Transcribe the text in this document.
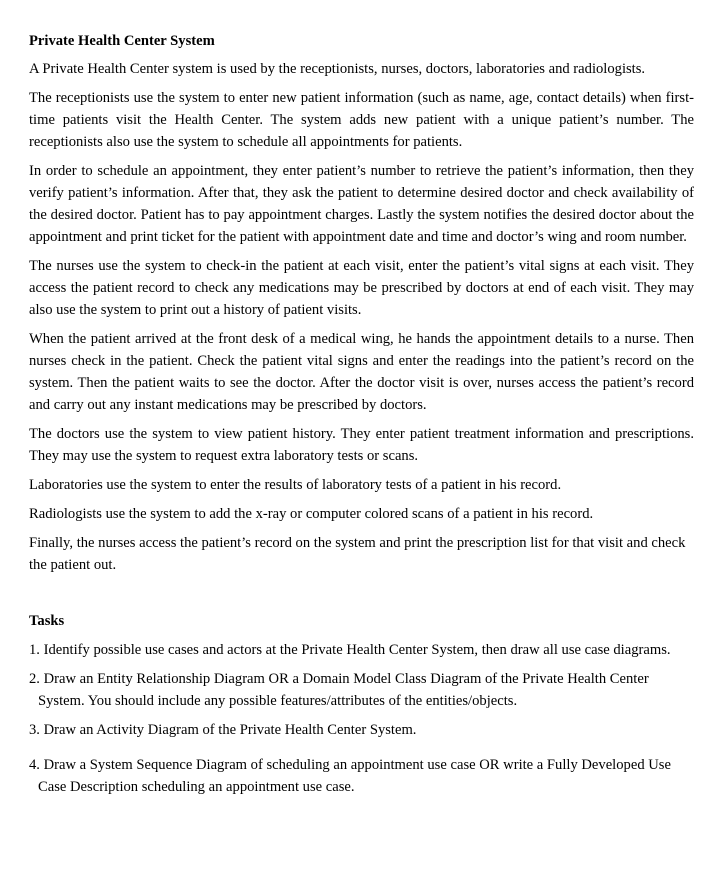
Private Health Center System

A Private Health Center system is used by the receptionists, nurses, doctors, laboratories and radiologists.

The receptionists use the system to enter new patient information (such as name, age, contact details) when first-time patients visit the Health Center. The system adds new patient with a unique patient’s number. The receptionists also use the system to schedule all appointments for patients.

In order to schedule an appointment, they enter patient’s number to retrieve the patient’s information, then they verify patient’s information. After that, they ask the patient to determine desired doctor and check availability of the desired doctor. Patient has to pay appointment charges. Lastly the system notifies the desired doctor about the appointment and print ticket for the patient with appointment date and time and doctor’s wing and room number.

The nurses use the system to check-in the patient at each visit, enter the patient’s vital signs at each visit. They access the patient record to check any medications may be prescribed by doctors at end of each visit. They may also use the system to print out a history of patient visits.

When the patient arrived at the front desk of a medical wing, he hands the appointment details to a nurse. Then nurses check in the patient. Check the patient vital signs and enter the readings into the patient’s record on the system. Then the patient waits to see the doctor. After the doctor visit is over, nurses access the patient’s record and carry out any instant medications may be prescribed by doctors.

The doctors use the system to view patient history. They enter patient treatment information and prescriptions. They may use the system to request extra laboratory tests or scans.

Laboratories use the system to enter the results of laboratory tests of a patient in his record.

Radiologists use the system to add the x-ray or computer colored scans of a patient in his record.

Finally, the nurses access the patient’s record on the system and print the prescription list for that visit and check the patient out.

Tasks

1. Identify possible use cases and actors at the Private Health Center System, then draw all use case diagrams.

2. Draw an Entity Relationship Diagram OR a Domain Model Class Diagram of the Private Health Center System. You should include any possible features/attributes of the entities/objects.

3. Draw an Activity Diagram of the Private Health Center System.

4. Draw a System Sequence Diagram of scheduling an appointment use case OR write a Fully Developed Use Case Description scheduling an appointment use case.
